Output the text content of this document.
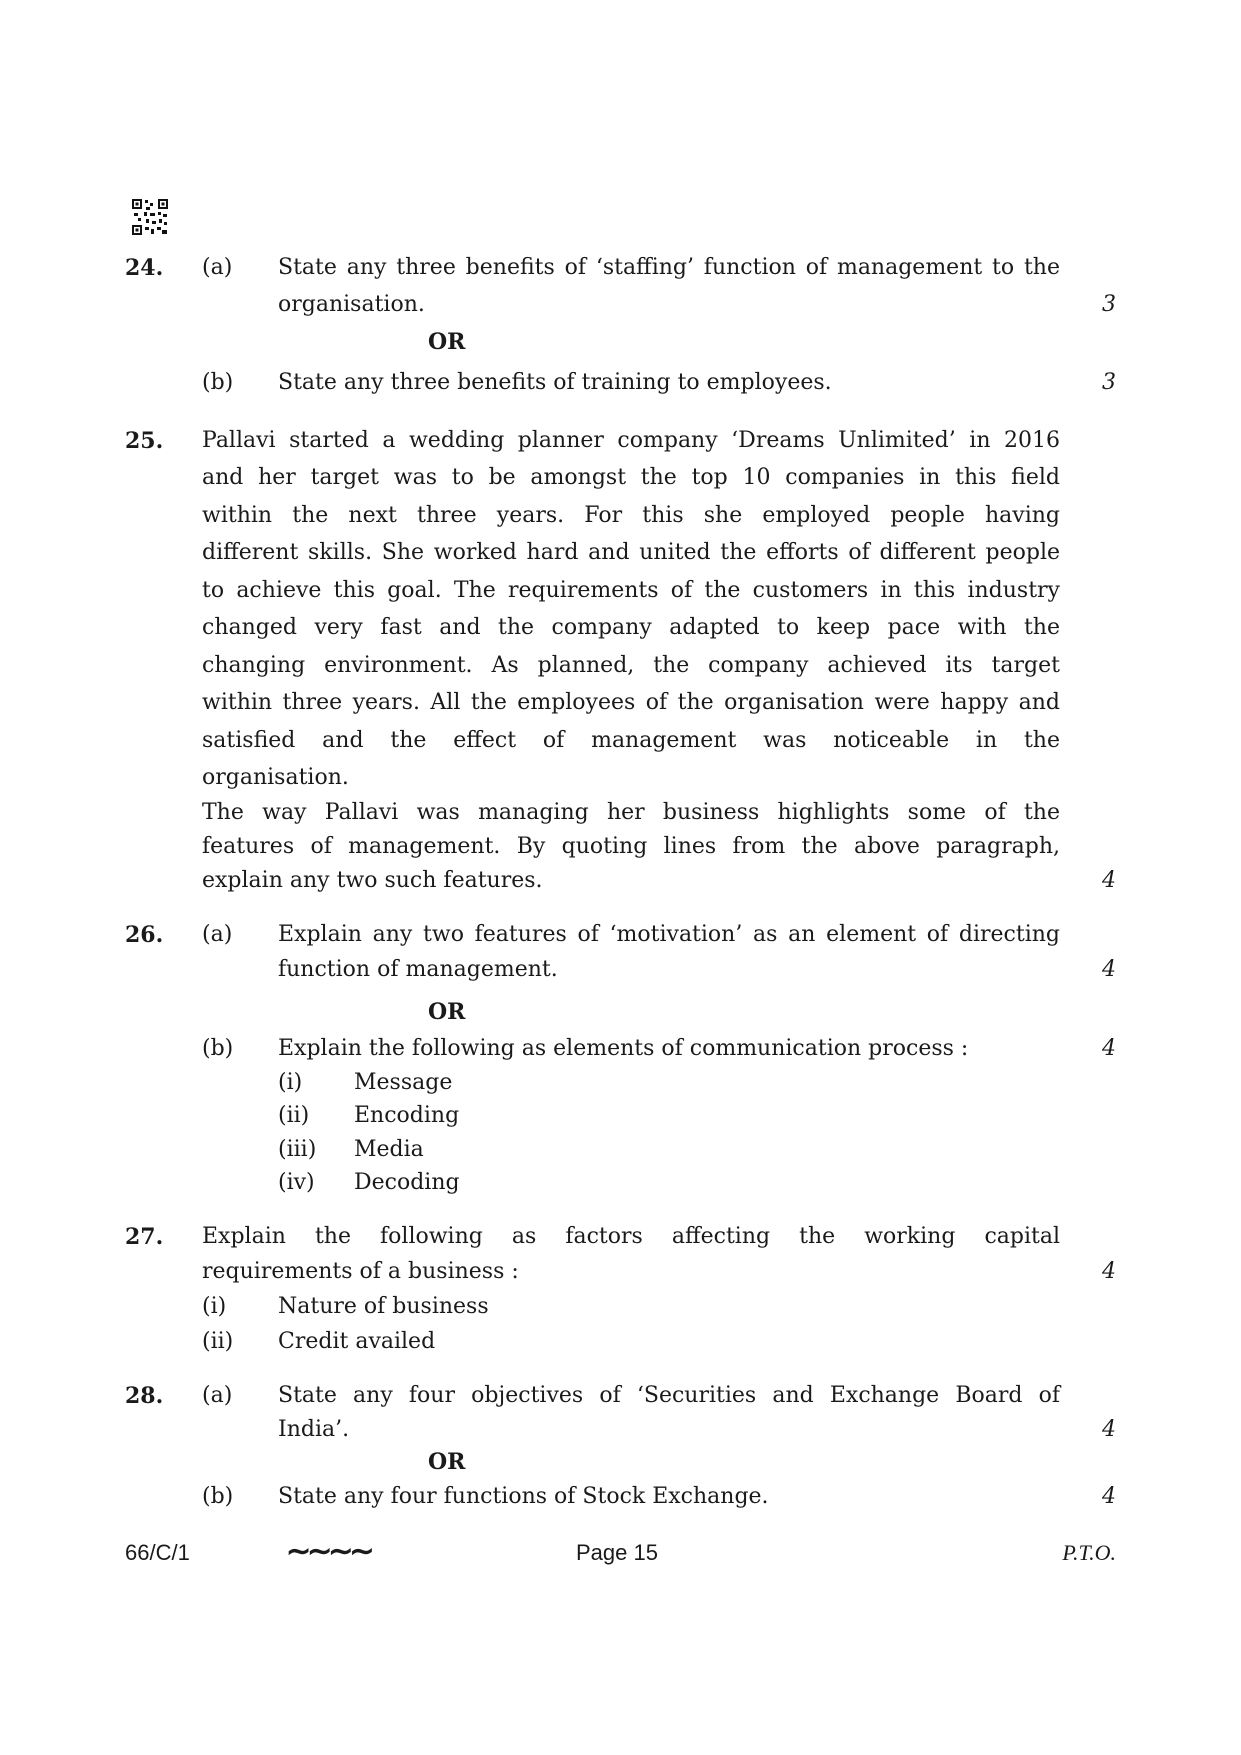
24. (a) State any three benefits of ‘staffing’ function of management to the
organisation.	3
OR
(b) State any three benefits of training to employees.	3
25. Pallavi started a wedding planner company ‘Dreams Unlimited’ in 2016
and her target was to be amongst the top 10 companies in this field
within the next three years. For this she employed people having
different skills. She worked hard and united the efforts of different people
to achieve this goal. The requirements of the customers in this industry
changed very fast and the company adapted to keep pace with the
changing environment. As planned, the company achieved its target
within three years. All the employees of the organisation were happy and
satisfied and the effect of management was noticeable in the
organisation.
The way Pallavi was managing her business highlights some of the
features of management. By quoting lines from the above paragraph,
explain any two such features.	4
26. (a) Explain any two features of ‘motivation’ as an element of directing
function of management.	4
OR
(b) Explain the following as elements of communication process :	4
(i) Message
(ii) Encoding
(iii) Media
(iv) Decoding
27. Explain the following as factors affecting the working capital
requirements of a business :	4
(i) Nature of business
(ii) Credit availed
28. (a) State any four objectives of ‘Securities and Exchange Board of
India’.	4
OR
(b) State any four functions of Stock Exchange.	4
66/C/1	∼∼∼∼	Page 15	P.T.O.
